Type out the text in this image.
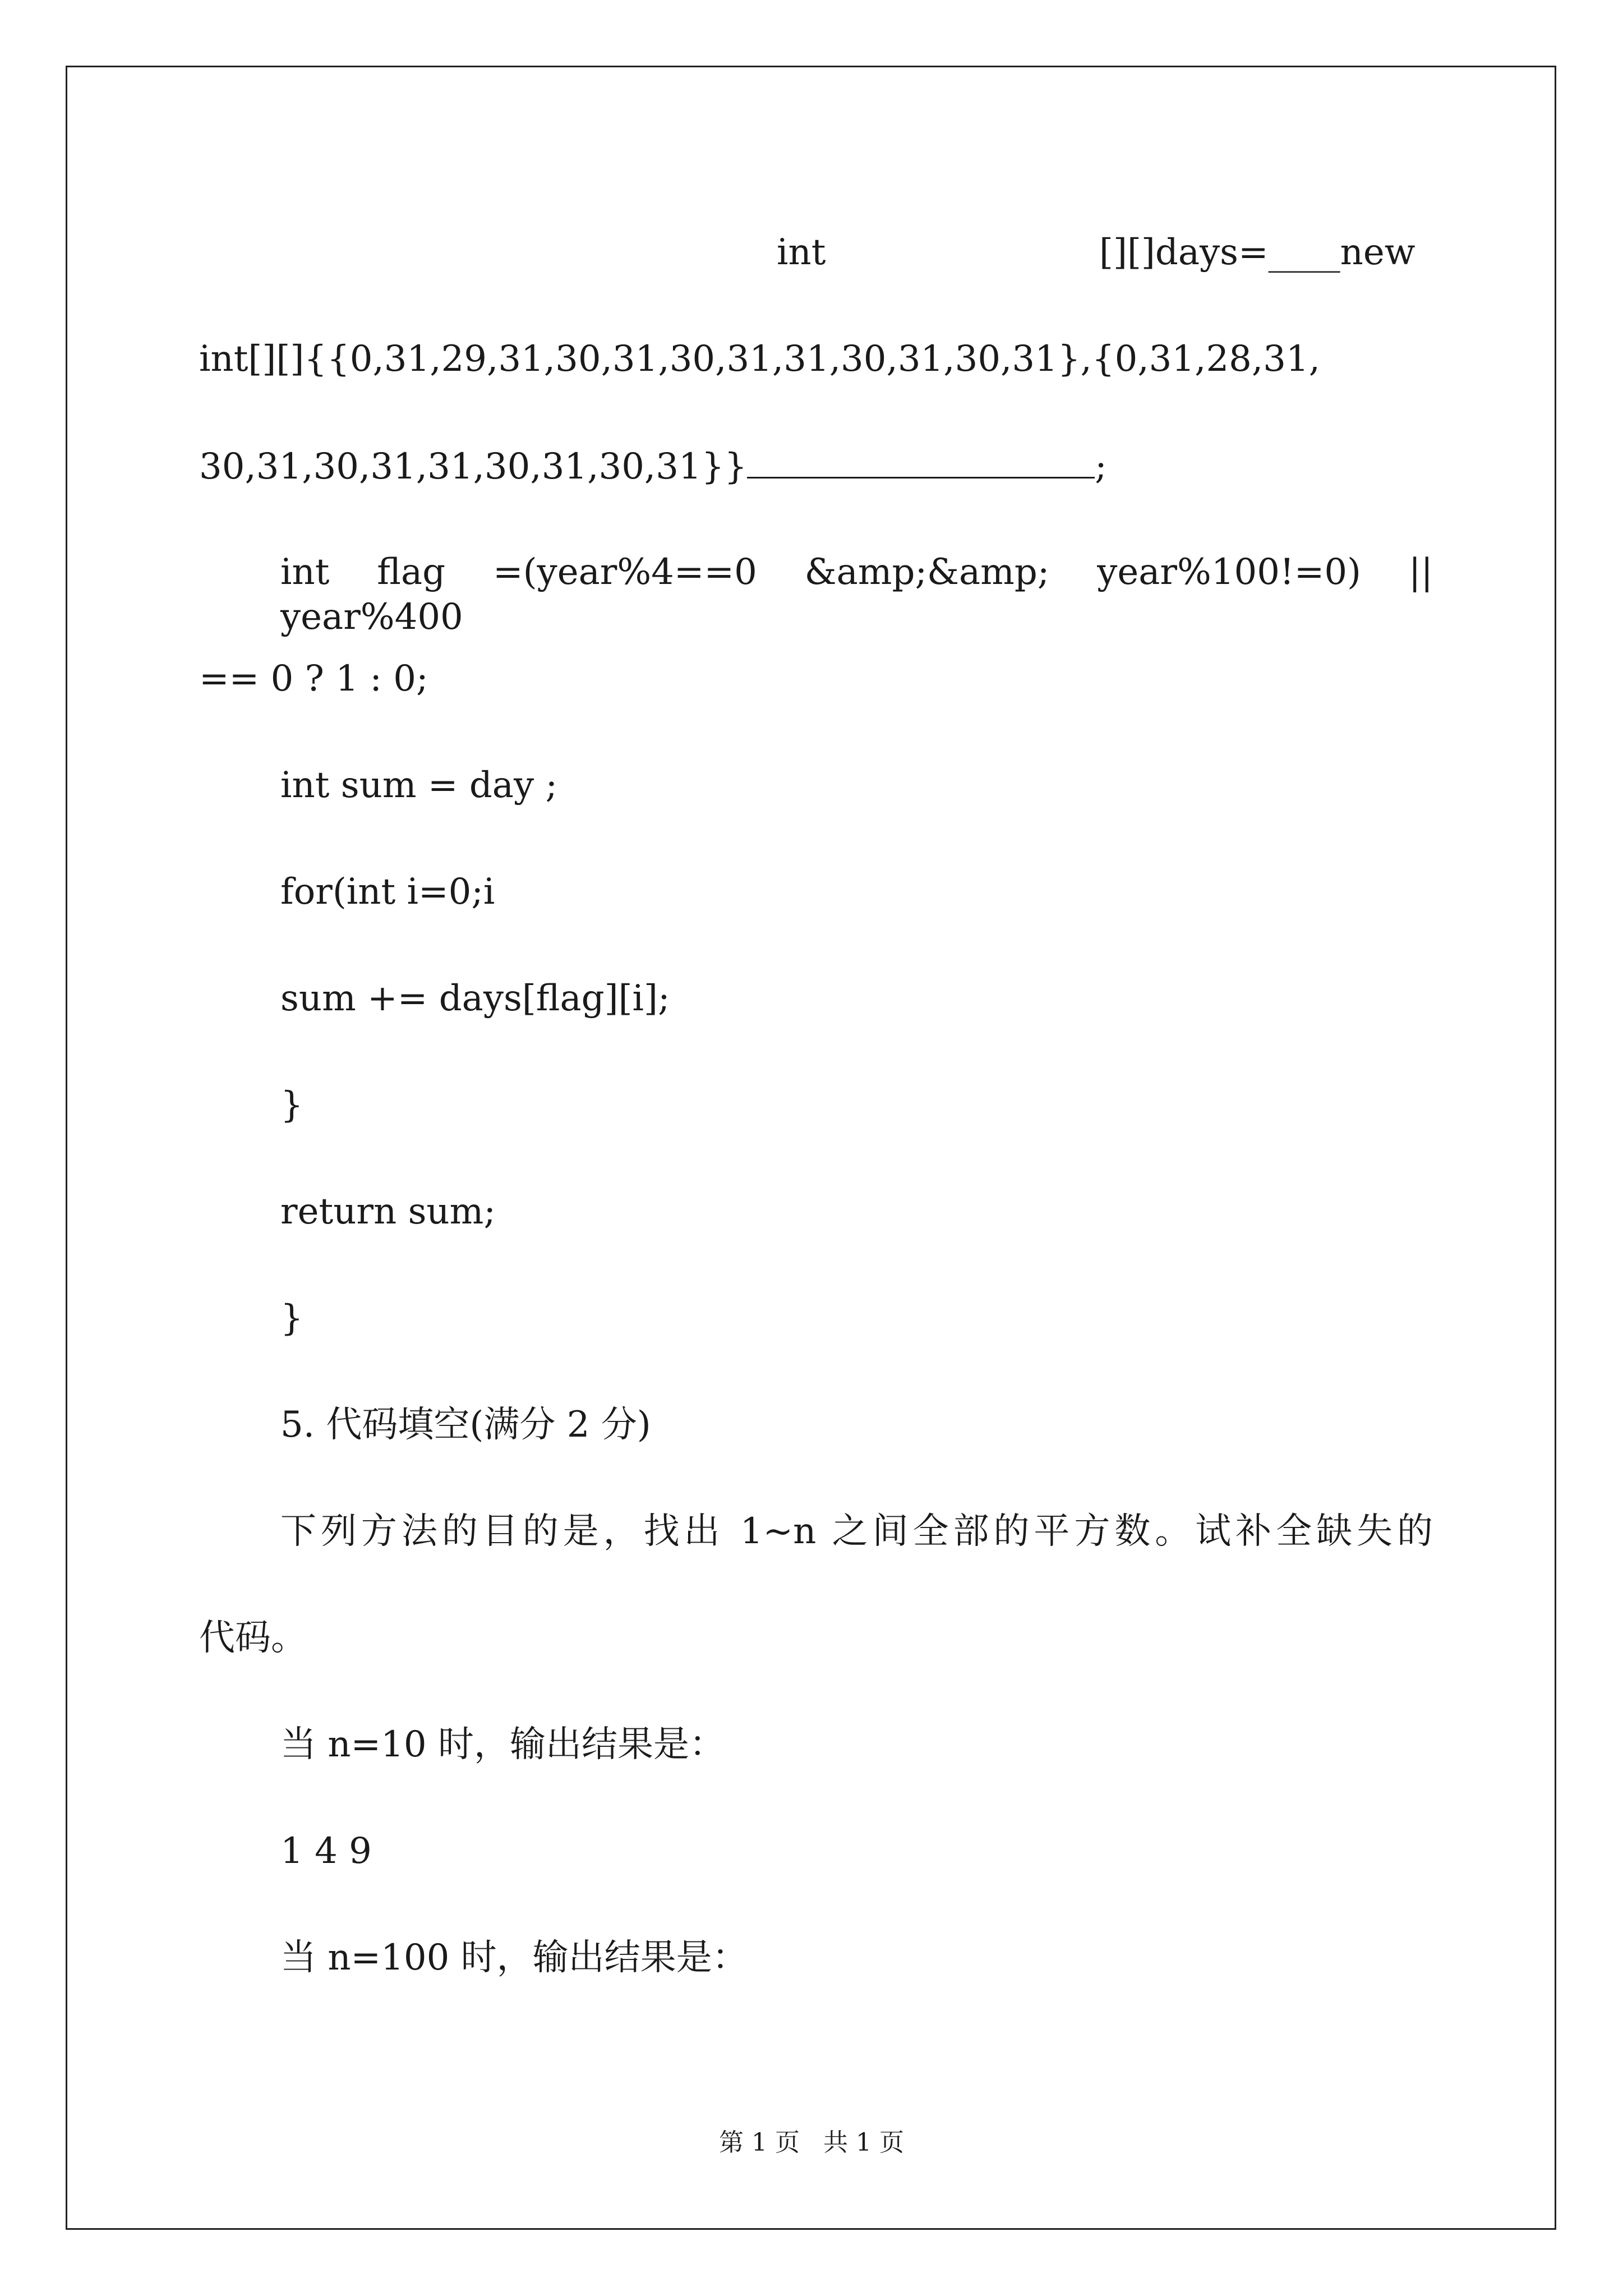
int	[][]days=____new
int[][]{{0,31,29,31,30,31,30,31,31,30,31,30,31},{0,31,28,31,
30,31,30,31,31,30,31,30,31}}	;
int flag =(year%4==0 &amp;&amp; year%100!=0) || year%400
== 0 ? 1 : 0;
int sum = day ;
for(int i=0;i
sum += days[flag][i];
}
return sum;
}
5. 代码填空(满分 2 分)
下列方法的目的是，找出 1~n 之间全部的平方数。试补全缺失的
代码。
当 n=10 时，输出结果是：
1 4 9
当 n=100 时，输出结果是：
第 1 页   共 1 页
